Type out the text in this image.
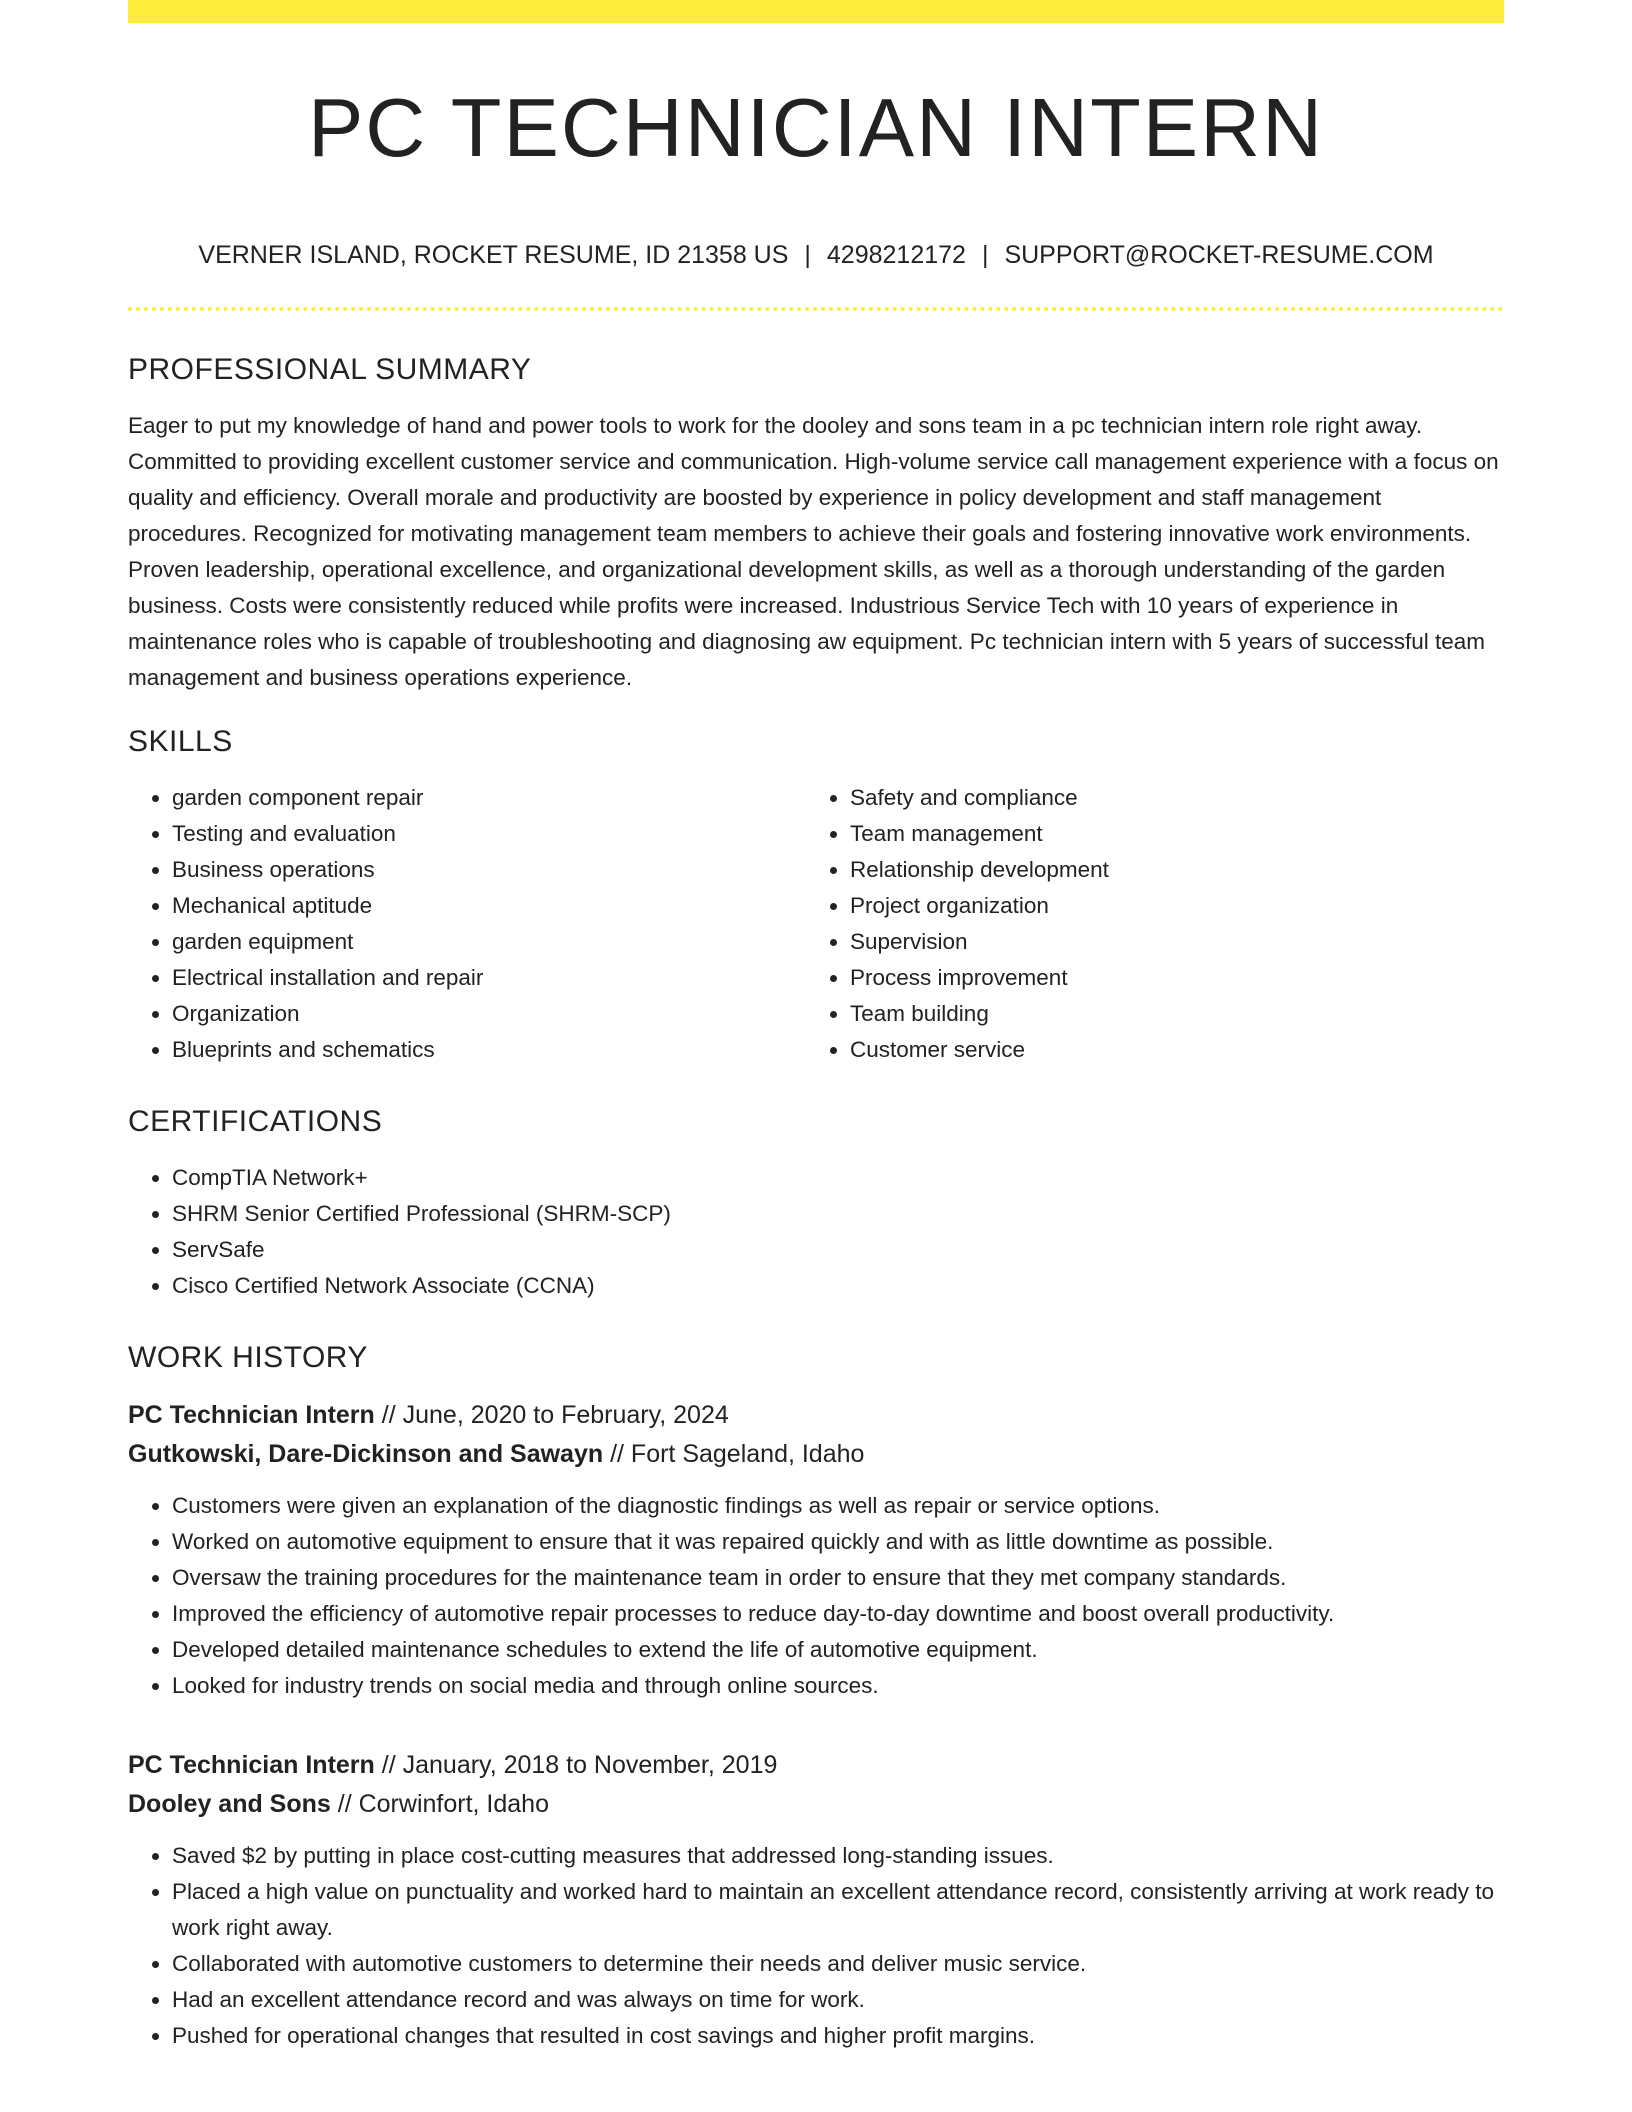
PC TECHNICIAN INTERN
VERNER ISLAND, ROCKET RESUME, ID 21358 US | 4298212172 | SUPPORT@ROCKET-RESUME.COM
PROFESSIONAL SUMMARY

Eager to put my knowledge of hand and power tools to work for the dooley and sons team in a pc technician intern role right away. Committed to providing excellent customer service and communication. High-volume service call management experience with a focus on quality and efficiency. Overall morale and productivity are boosted by experience in policy development and staff management procedures. Recognized for motivating management team members to achieve their goals and fostering innovative work environments. Proven leadership, operational excellence, and organizational development skills, as well as a thorough understanding of the garden business. Costs were consistently reduced while profits were increased. Industrious Service Tech with 10 years of experience in maintenance roles who is capable of troubleshooting and diagnosing aw equipment. Pc technician intern with 5 years of successful team management and business operations experience.

SKILLS
• garden component repair
• Testing and evaluation
• Business operations
• Mechanical aptitude
• garden equipment
• Electrical installation and repair
• Organization
• Blueprints and schematics
• Safety and compliance
• Team management
• Relationship development
• Project organization
• Supervision
• Process improvement
• Team building
• Customer service
CERTIFICATIONS
• CompTIA Network+
• SHRM Senior Certified Professional (SHRM-SCP)
• ServSafe
• Cisco Certified Network Associate (CCNA)
WORK HISTORY
PC Technician Intern // June, 2020 to February, 2024
Gutkowski, Dare-Dickinson and Sawayn // Fort Sageland, Idaho
• Customers were given an explanation of the diagnostic findings as well as repair or service options.
• Worked on automotive equipment to ensure that it was repaired quickly and with as little downtime as possible.
• Oversaw the training procedures for the maintenance team in order to ensure that they met company standards.
• Improved the efficiency of automotive repair processes to reduce day-to-day downtime and boost overall productivity.
• Developed detailed maintenance schedules to extend the life of automotive equipment.
• Looked for industry trends on social media and through online sources.
PC Technician Intern // January, 2018 to November, 2019
Dooley and Sons // Corwinfort, Idaho
• Saved $2 by putting in place cost-cutting measures that addressed long-standing issues.
• Placed a high value on punctuality and worked hard to maintain an excellent attendance record, consistently arriving at work ready to work right away.
• Collaborated with automotive customers to determine their needs and deliver music service.
• Had an excellent attendance record and was always on time for work.
• Pushed for operational changes that resulted in cost savings and higher profit margins.
